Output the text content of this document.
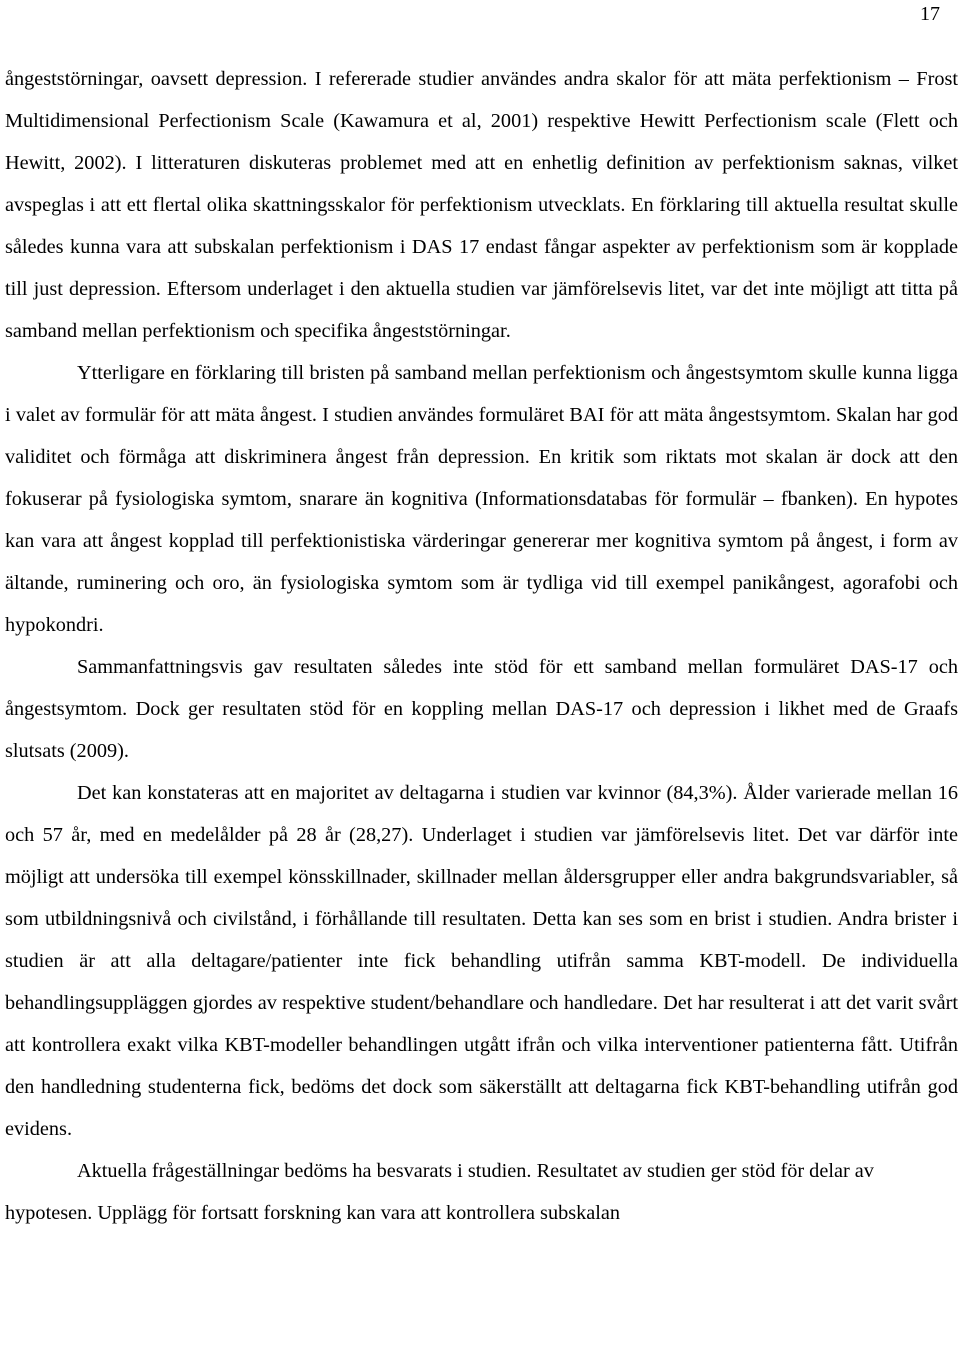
17

ångeststörningar, oavsett depression. I refererade studier användes andra skalor för att mäta perfektionism – Frost Multidimensional Perfectionism Scale (Kawamura et al, 2001) respektive Hewitt Perfectionism scale (Flett och Hewitt, 2002). I litteraturen diskuteras problemet med att en enhetlig definition av perfektionism saknas, vilket avspeglas i att ett flertal olika skattningsskalor för perfektionism utvecklats. En förklaring till aktuella resultat skulle således kunna vara att subskalan perfektionism i DAS 17 endast fångar aspekter av perfektionism som är kopplade till just depression. Eftersom underlaget i den aktuella studien var jämförelsevis litet, var det inte möjligt att titta på samband mellan perfektionism och specifika ångeststörningar.

Ytterligare en förklaring till bristen på samband mellan perfektionism och ångestsymtom skulle kunna ligga i valet av formulär för att mäta ångest. I studien användes formuläret BAI för att mäta ångestsymtom. Skalan har god validitet och förmåga att diskriminera ångest från depression. En kritik som riktats mot skalan är dock att den fokuserar på fysiologiska symtom, snarare än kognitiva (Informationsdatabas för formulär – fbanken). En hypotes kan vara att ångest kopplad till perfektionistiska värderingar genererar mer kognitiva symtom på ångest, i form av ältande, ruminering och oro, än fysiologiska symtom som är tydliga vid till exempel panikångest, agorafobi och hypokondri.

Sammanfattningsvis gav resultaten således inte stöd för ett samband mellan formuläret DAS-17 och ångestsymtom. Dock ger resultaten stöd för en koppling mellan DAS-17 och depression i likhet med de Graafs slutsats (2009).

Det kan konstateras att en majoritet av deltagarna i studien var kvinnor (84,3%). Ålder varierade mellan 16 och 57 år, med en medelålder på 28 år (28,27). Underlaget i studien var jämförelsevis litet. Det var därför inte möjligt att undersöka till exempel könsskillnader, skillnader mellan åldersgrupper eller andra bakgrundsvariabler, så som utbildningsnivå och civilstånd, i förhållande till resultaten. Detta kan ses som en brist i studien. Andra brister i studien är att alla deltagare/patienter inte fick behandling utifrån samma KBT-modell. De individuella behandlingsuppläggen gjordes av respektive student/behandlare och handledare. Det har resulterat i att det varit svårt att kontrollera exakt vilka KBT-modeller behandlingen utgått ifrån och vilka interventioner patienterna fått. Utifrån den handledning studenterna fick, bedöms det dock som säkerställt att deltagarna fick KBT-behandling utifrån god evidens.

Aktuella frågeställningar bedöms ha besvarats i studien. Resultatet av studien ger stöd för delar av hypotesen. Upplägg för fortsatt forskning kan vara att kontrollera subskalan
